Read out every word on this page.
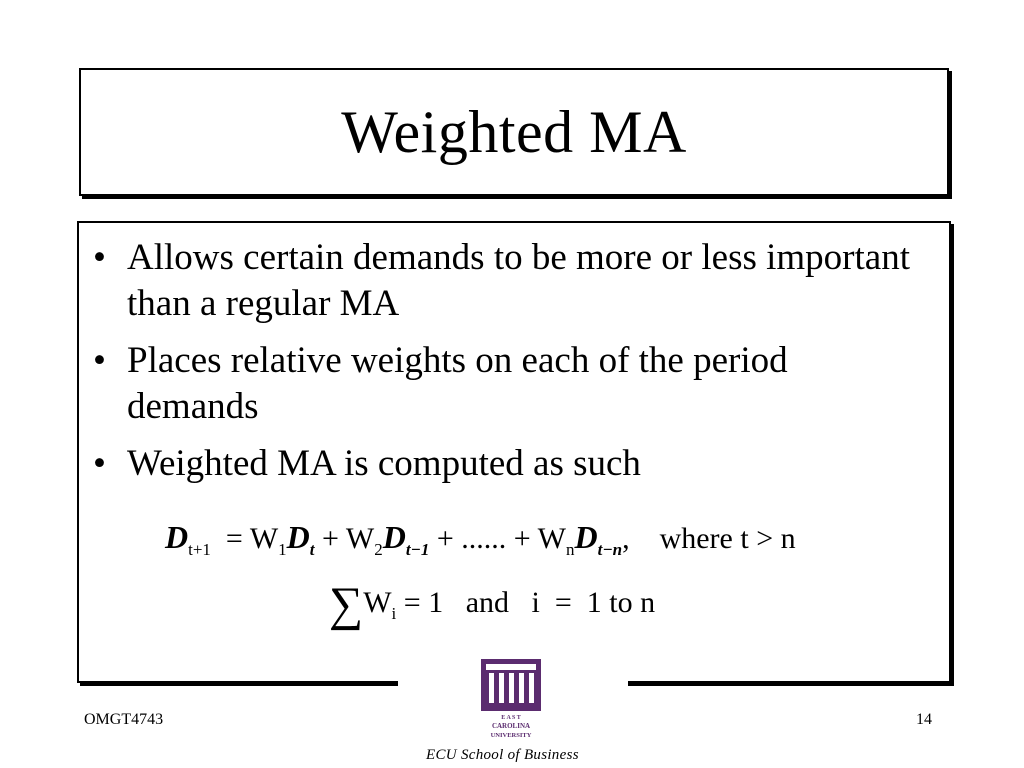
Weighted MA
• Allows certain demands to be more or less important than a regular MA
• Places relative weights on each of the period demands
• Weighted MA is computed as such
$D_{t+1} = W_1D_t + W_2D_{t-1}$ + ...... + $W_nD_{t-n}$, where t > n
$\sum W_i = 1$   and   i  =  1 to n
OMGT4743	14
E A S T
CAROLINA
UNIVERSITY
ECU School of Business
